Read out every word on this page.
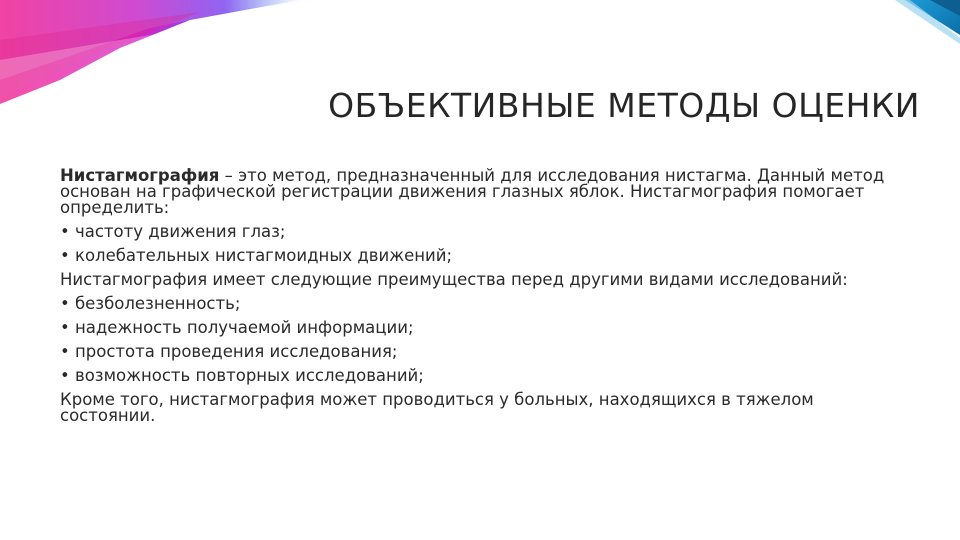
ОБЪЕКТИВНЫЕ МЕТОДЫ ОЦЕНКИ

Нистагмография – это метод, предназначенный для исследования нистагма. Данный метод основан на графической регистрации движения глазных яблок. Нистагмография помогает определить:

• частоту движения глаз;
• колебательных нистагмоидных движений;

Нистагмография имеет следующие преимущества перед другими видами исследований:

• безболезненность;
• надежность получаемой информации;
• простота проведения исследования;
• возможность повторных исследований;

Кроме того, нистагмография может проводиться у больных, находящихся в тяжелом состоянии.
